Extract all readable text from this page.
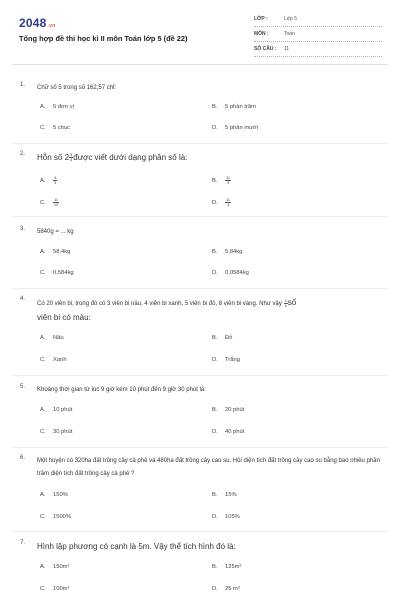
2048.vn
Tổng hợp đề thi học kì II môn Toán lớp 5 (đề 22)
LỚP :	Lớp 5
MÔN :	Toán
SỐ CÂU : 11
1. Chữ số 5 trong số 162,57 chỉ:
A. 5 đơn vị	B. 5 phần trăm
C. 5 chục	D. 5 phần mười
2. Hỗn số $2 \frac{3}{4}$ được viết dưới dạng phân số là:
A. $\frac{4}{3}$	B. $\frac{11}{3}$
C. $\frac{11}{10}$	D. $\frac{11}{4}$
3. 5840g = ... kg
A. 58,4kg	B. 5,84kg
C. 0,584kg	D. 0,0584kg
4.
Có 20 viên bi, trong đó có 3 viên bi nâu, 4 viên bi xanh, 5 viên bi đỏ, 8 viên bi vàng. Như vậy $\frac{1}{4}$ số
viên bi có màu:
A. Nâu	B. Đỏ
C. Xanh	D. Trắng
5. Khoảng thời gian từ lúc 9 giờ kém 10 phút đến 9 giờ 30 phút là:
A. 10 phút	B. 20 phút
C. 30 phút	D. 40 phút
6. Một huyện có 320ha đất trồng cây cà phê và 480ha đất trồng cây cao su. Hỏi diện tích đất trồng cây cao su bằng bao nhiêu phần trăm diện tích đất trồng cây cà phê ?
A. 150%	B. 15%
C. 1500%	D. 105%
7. Hình lập phương có cạnh là 5m. Vậy thể tích hình đó là:
A. 150m³	B. 125m³
C. 100m³	D. 25 m³
